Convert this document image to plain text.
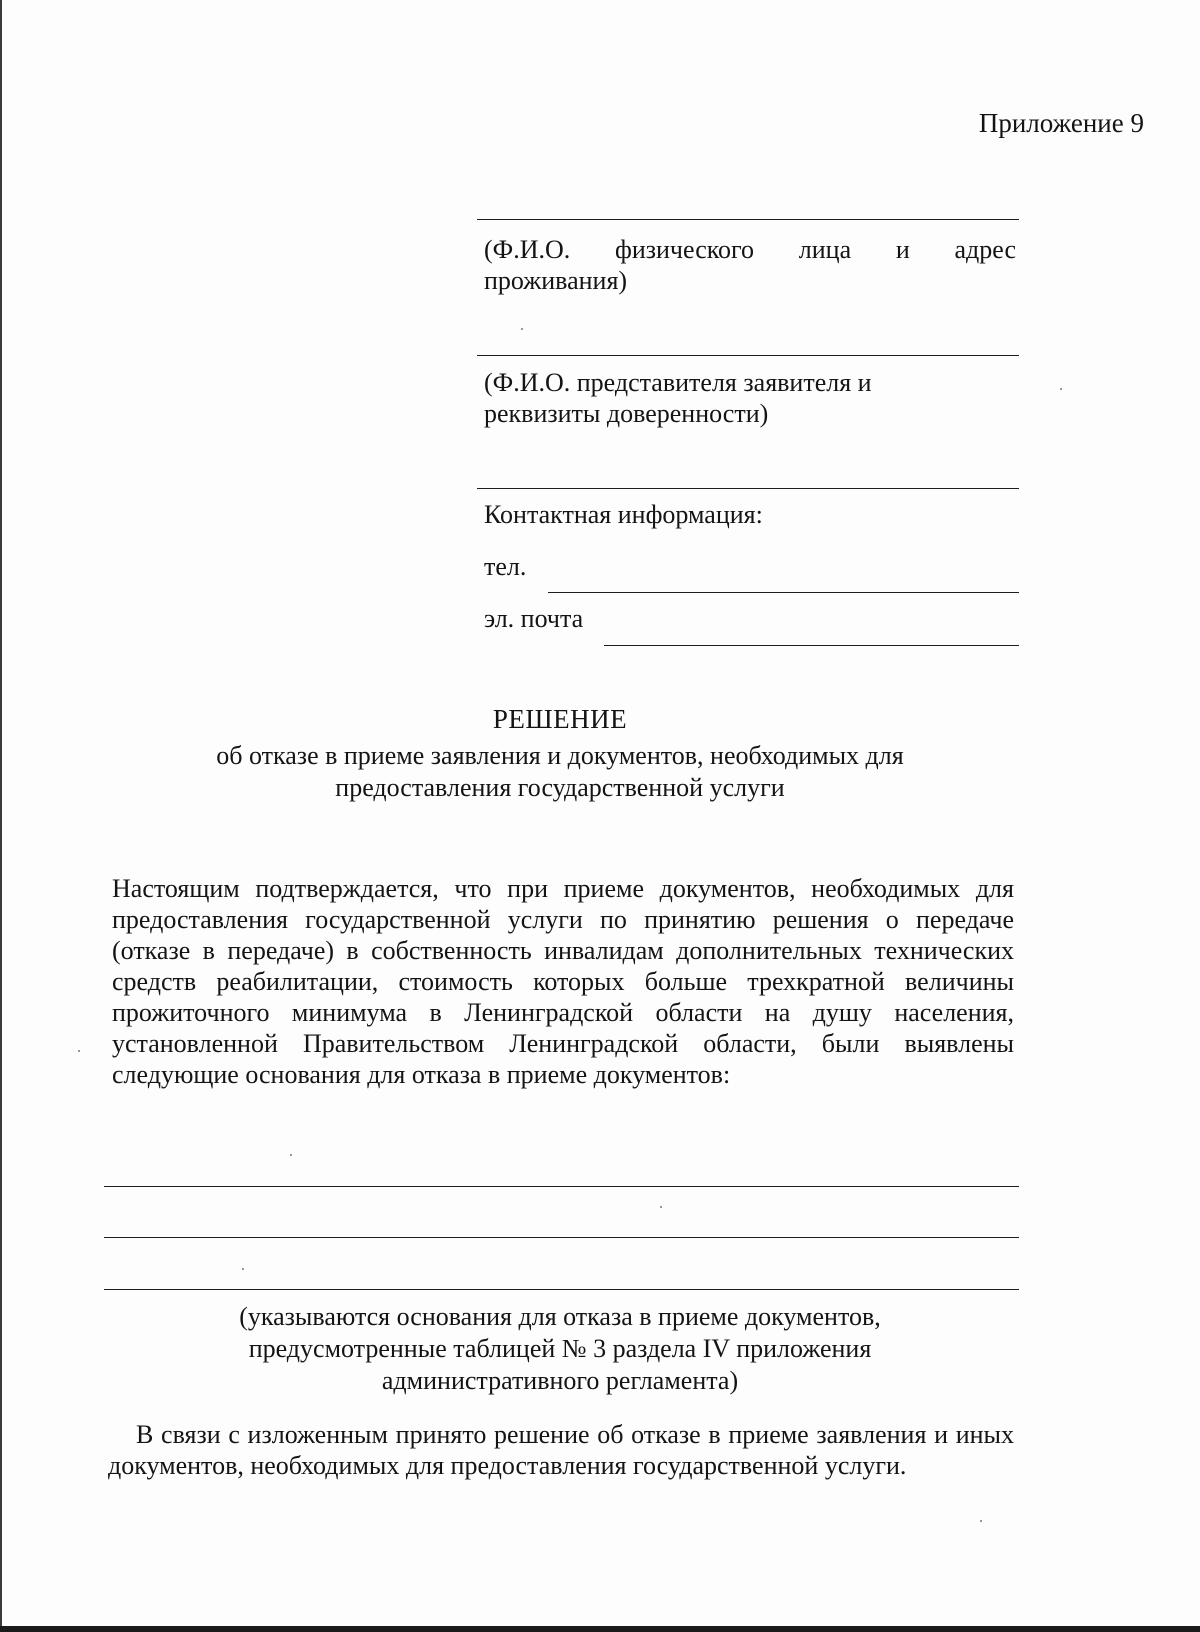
Приложение 9
(Ф.И.О. физического лица и адрес
проживания)
(Ф.И.О. представителя заявителя и
реквизиты доверенности)
Контактная информация:
тел.
эл. почта
РЕШЕНИЕ
об отказе в приеме заявления и документов, необходимых для
предоставления государственной услуги
Настоящим подтверждается, что при приеме документов, необходимых для предоставления государственной услуги по принятию решения о передаче (отказе в передаче) в собственность инвалидам дополнительных технических средств реабилитации, стоимость которых больше трехкратной величины прожиточного минимума в Ленинградской области на душу населения, установленной Правительством Ленинградской области, были выявлены следующие основания для отказа в приеме документов:
(указываются основания для отказа в приеме документов,
предусмотренные таблицей № 3 раздела IV приложения
административного регламента)
В связи с изложенным принято решение об отказе в приеме заявления и иных документов, необходимых для предоставления государственной услуги.
